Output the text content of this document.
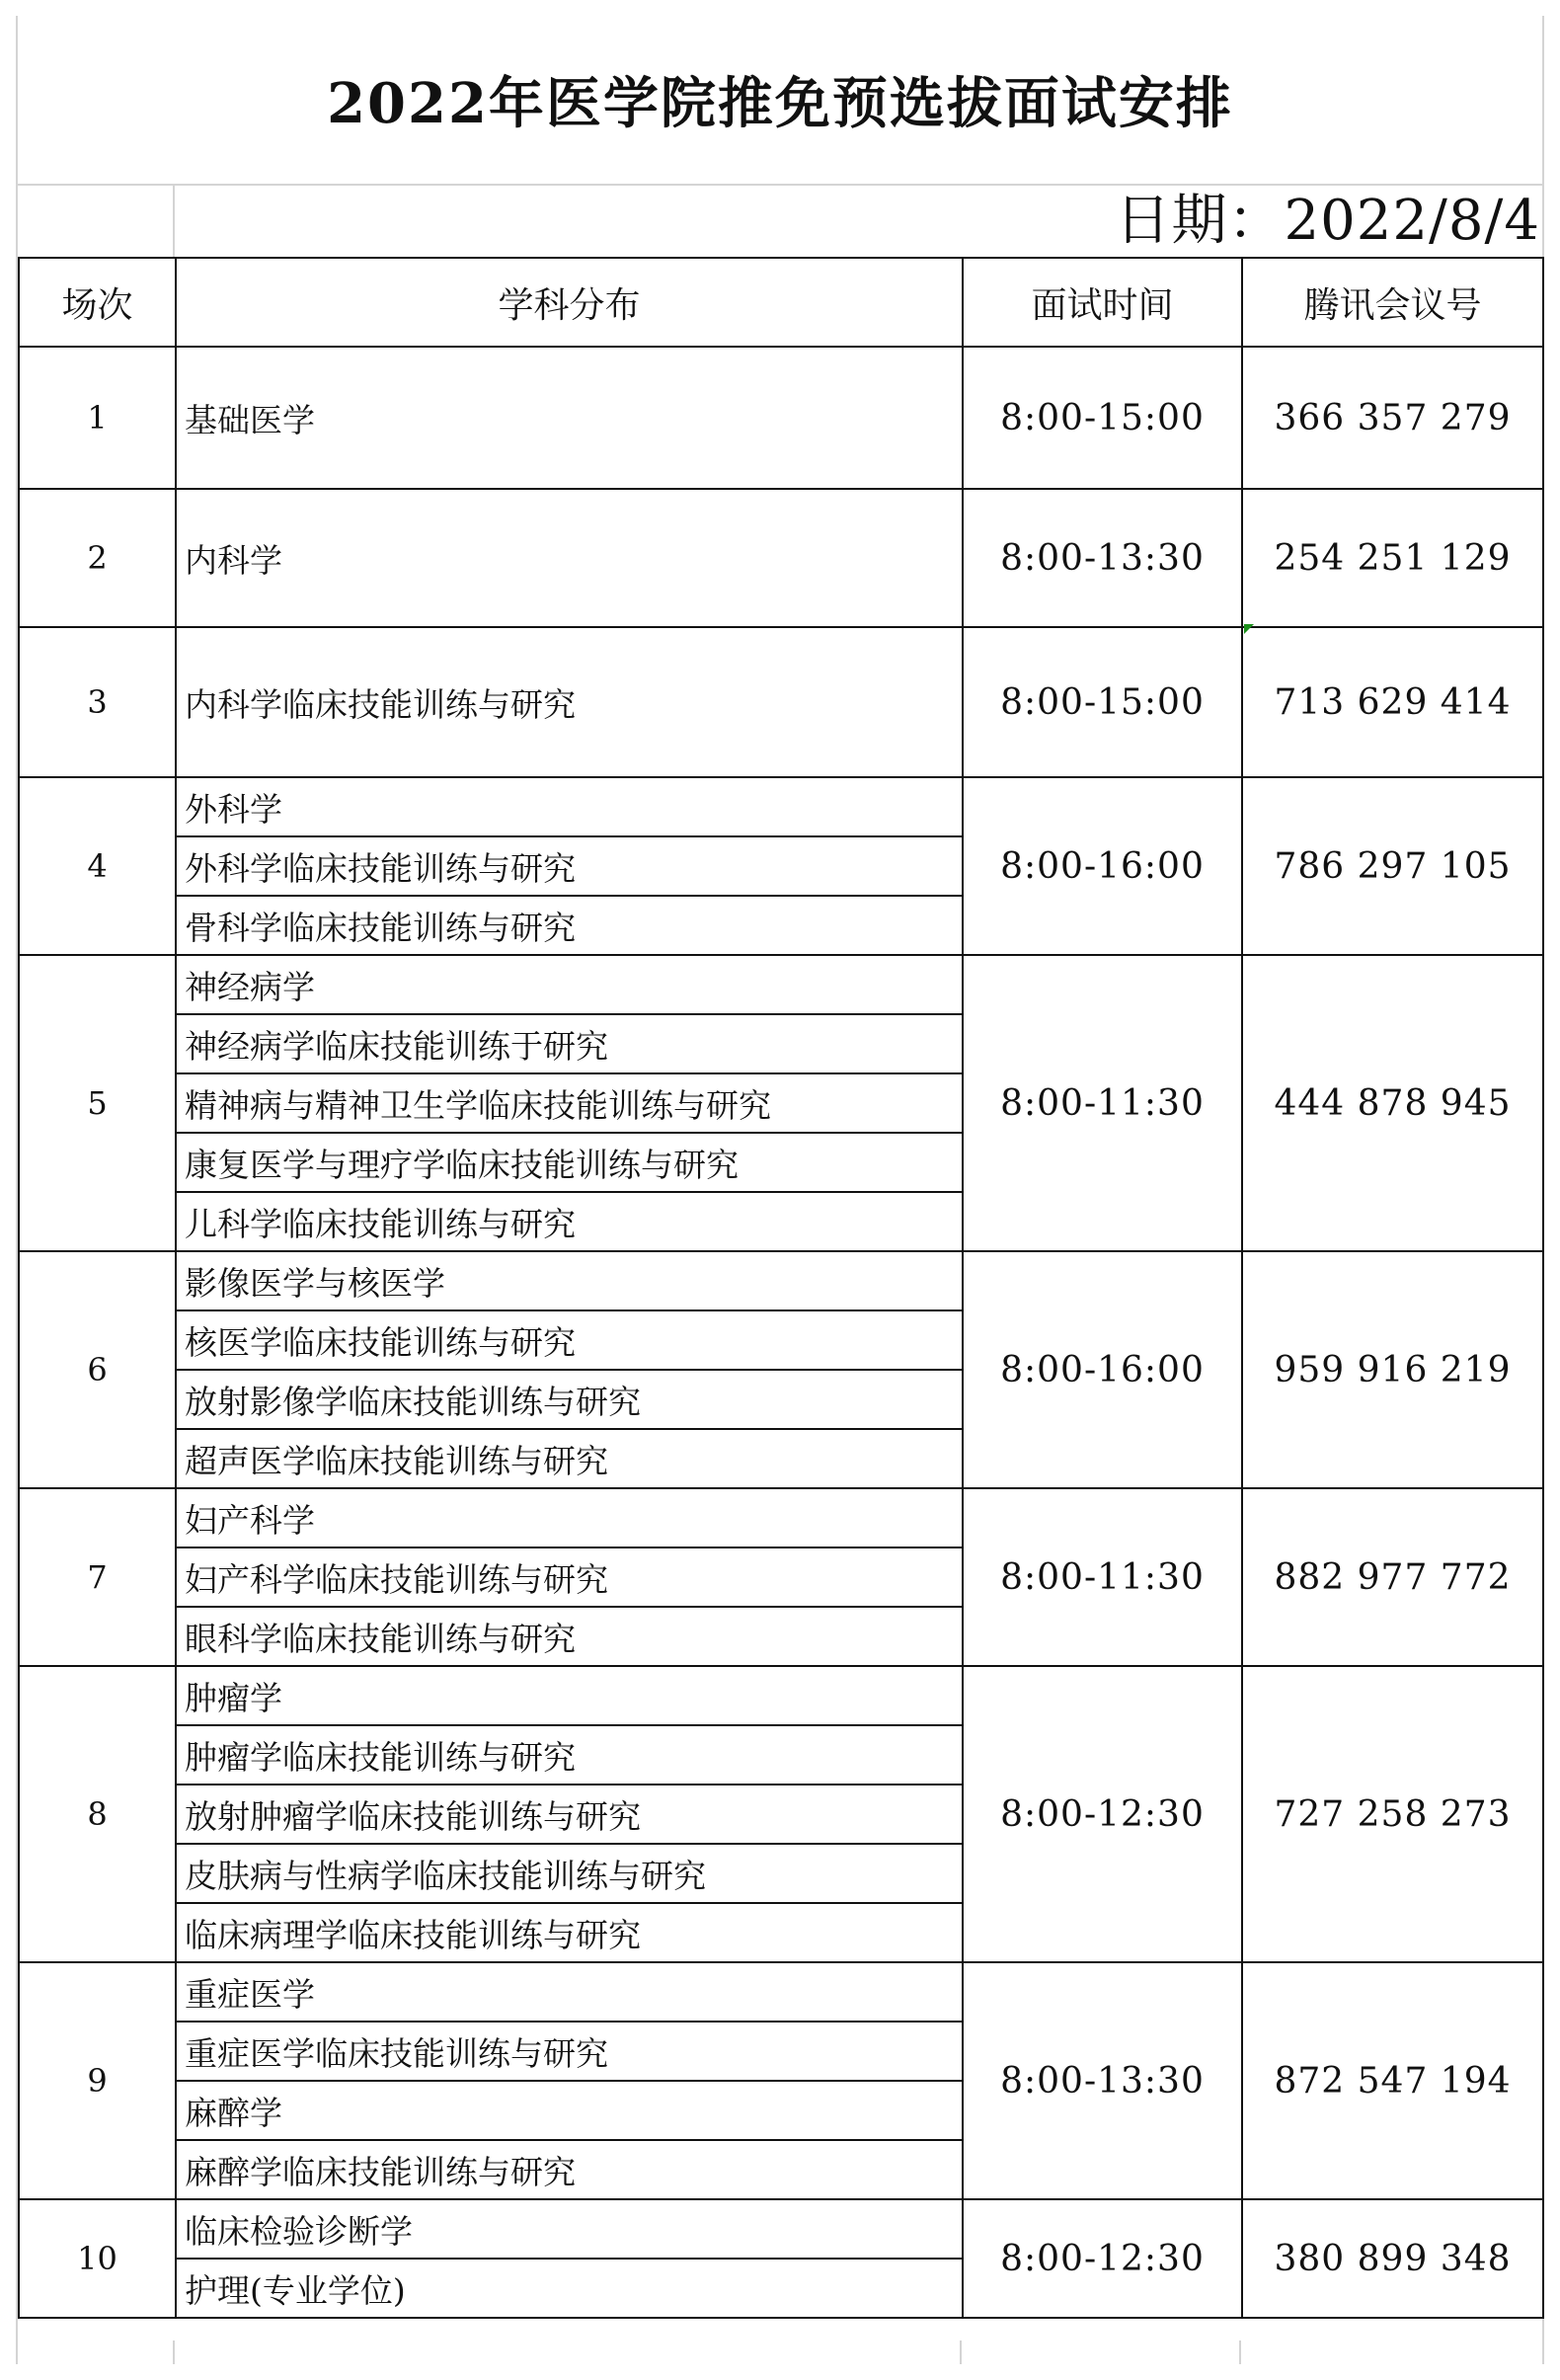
2022年医学院推免预选拔面试安排
日期：2022/8/4
场次	学科分布	面试时间	腾讯会议号
1	基础医学	8:00-15:00	366 357 279
2	内科学	8:00-13:30	254 251 129
3	内科学临床技能训练与研究	8:00-15:00	713 629 414
4	外科学	8:00-16:00	786 297 105
	外科学临床技能训练与研究		
	骨科学临床技能训练与研究		
5	神经病学	8:00-11:30	444 878 945
	神经病学临床技能训练于研究		
	精神病与精神卫生学临床技能训练与研究		
	康复医学与理疗学临床技能训练与研究		
	儿科学临床技能训练与研究		
6	影像医学与核医学	8:00-16:00	959 916 219
	核医学临床技能训练与研究		
	放射影像学临床技能训练与研究		
	超声医学临床技能训练与研究		
7	妇产科学	8:00-11:30	882 977 772
	妇产科学临床技能训练与研究		
	眼科学临床技能训练与研究		
8	肿瘤学	8:00-12:30	727 258 273
	肿瘤学临床技能训练与研究		
	放射肿瘤学临床技能训练与研究		
	皮肤病与性病学临床技能训练与研究		
	临床病理学临床技能训练与研究		
9	重症医学	8:00-13:30	872 547 194
	重症医学临床技能训练与研究		
	麻醉学		
	麻醉学临床技能训练与研究		
10	临床检验诊断学	8:00-12:30	380 899 348
	护理(专业学位)		
